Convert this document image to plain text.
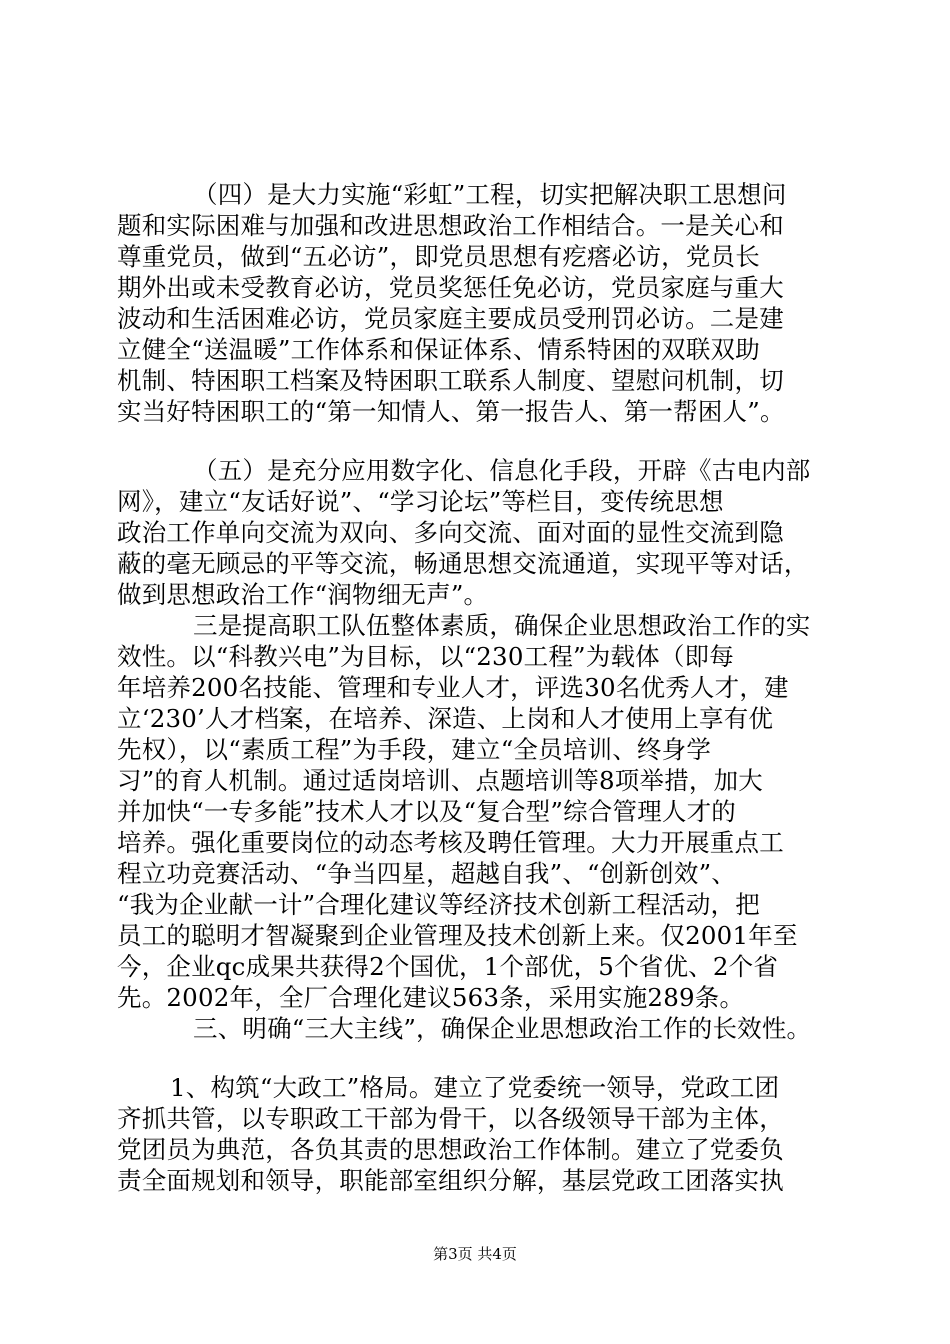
（四）是大力实施“彩虹”工程，切实把解决职工思想问
题和实际困难与加强和改进思想政治工作相结合。一是关心和
尊重党员，做到“五必访”，即党员思想有疙瘩必访，党员长
期外出或未受教育必访，党员奖惩任免必访，党员家庭与重大
波动和生活困难必访，党员家庭主要成员受刑罚必访。二是建
立健全“送温暖”工作体系和保证体系、情系特困的双联双助
机制、特困职工档案及特困职工联系人制度、望慰问机制，切
实当好特困职工的“第一知情人、第一报告人、第一帮困人”。
（五）是充分应用数字化、信息化手段，开辟《古电内部
网》，建立“友话好说”、“学习论坛”等栏目，变传统思想
政治工作单向交流为双向、多向交流、面对面的显性交流到隐
蔽的毫无顾忌的平等交流，畅通思想交流通道，实现平等对话，
做到思想政治工作“润物细无声”。
三是提高职工队伍整体素质，确保企业思想政治工作的实
效性。以“科教兴电”为目标，以“230工程”为载体（即每
年培养200名技能、管理和专业人才，评选30名优秀人才，建
立‘230’人才档案，在培养、深造、上岗和人才使用上享有优
先权），以“素质工程”为手段，建立“全员培训、终身学
习”的育人机制。通过适岗培训、点题培训等8项举措，加大
并加快“一专多能”技术人才以及“复合型”综合管理人才的
培养。强化重要岗位的动态考核及聘任管理。大力开展重点工
程立功竞赛活动、“争当四星，超越自我”、“创新创效”、
“我为企业献一计”合理化建议等经济技术创新工程活动，把
员工的聪明才智凝聚到企业管理及技术创新上来。仅2001年至
今，企业qc成果共获得2个国优，1个部优，5个省优、2个省
先。2002年，全厂合理化建议563条，采用实施289条。
三、明确“三大主线”，确保企业思想政治工作的长效性。
1、构筑“大政工”格局。建立了党委统一领导，党政工团
齐抓共管，以专职政工干部为骨干，以各级领导干部为主体，
党团员为典范，各负其责的思想政治工作体制。建立了党委负
责全面规划和领导，职能部室组织分解，基层党政工团落实执
第3页 共4页
